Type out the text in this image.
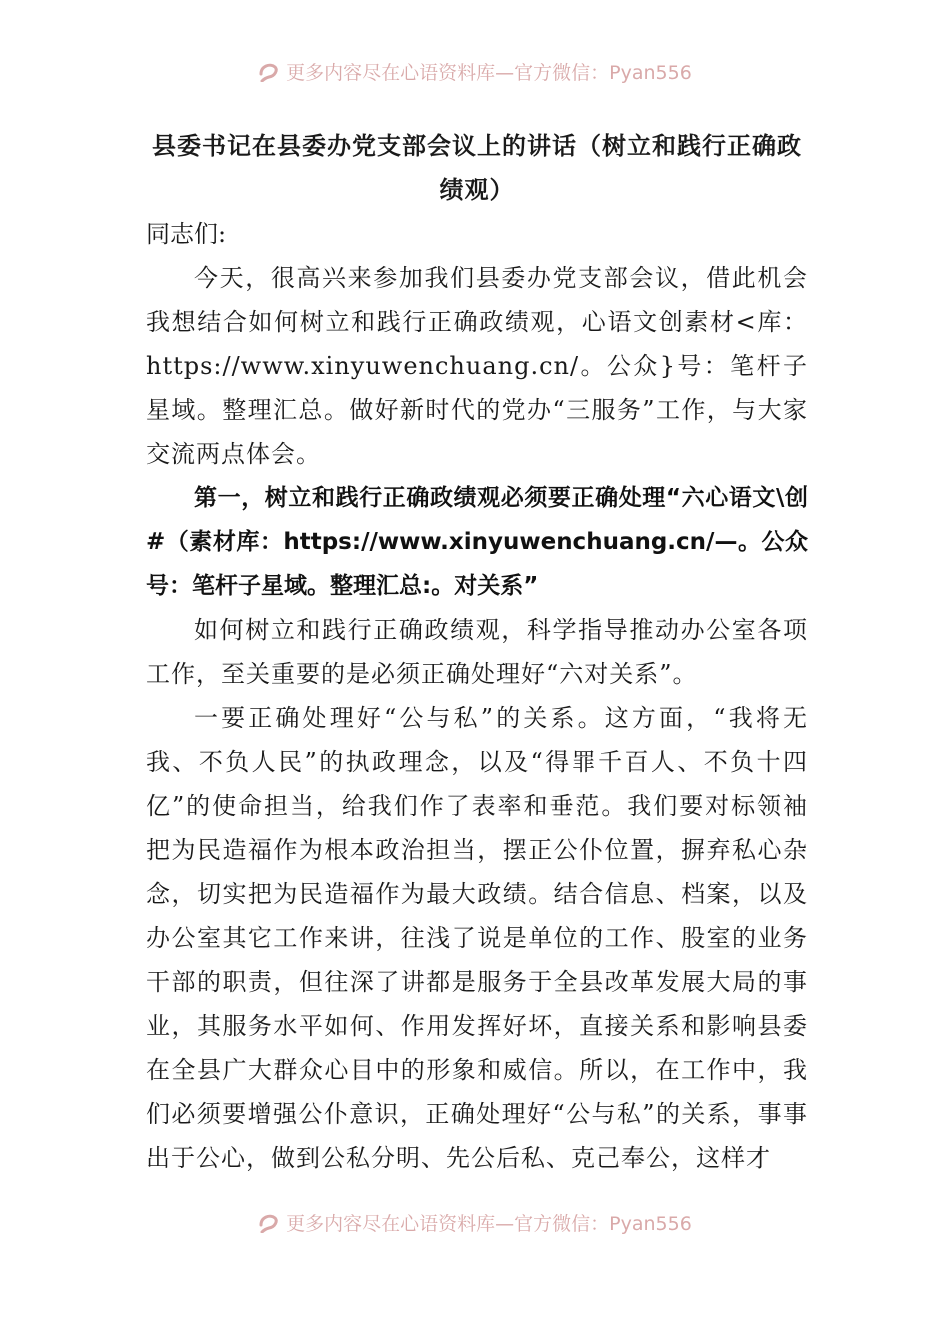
更多内容尽在心语资料库—官方微信：Pyan556
县委书记在县委办党支部会议上的讲话（树立和践行正确政绩观）

同志们:

今天，很高兴来参加我们县委办党支部会议，借此机会我想结合如何树立和践行正确政绩观，心语文创素材<库：https://www.xinyuwenchuang.cn/。公众}号：笔杆子星域。整理汇总。做好新时代的党办“三服务”工作，与大家交流两点体会。

第一，树立和践行正确政绩观必须要正确处理“六心语文\创#（素材库：https://www.xinyuwenchuang.cn/—。公众号：笔杆子星域。整理汇总:。对关系”

如何树立和践行正确政绩观，科学指导推动办公室各项工作，至关重要的是必须正确处理好“六对关系”。

一要正确处理好“公与私”的关系。这方面，“我将无我、不负人民”的执政理念，以及“得罪千百人、不负十四亿”的使命担当，给我们作了表率和垂范。我们要对标领袖把为民造福作为根本政治担当，摆正公仆位置，摒弃私心杂念，切实把为民造福作为最大政绩。结合信息、档案，以及办公室其它工作来讲，往浅了说是单位的工作、股室的业务干部的职责，但往深了讲都是服务于全县改革发展大局的事业，其服务水平如何、作用发挥好坏，直接关系和影响县委在全县广大群众心目中的形象和威信。所以，在工作中，我们必须要增强公仆意识，正确处理好“公与私”的关系，事事出于公心，做到公私分明、先公后私、克己奉公，这样才

更多内容尽在心语资料库—官方微信：Pyan556
